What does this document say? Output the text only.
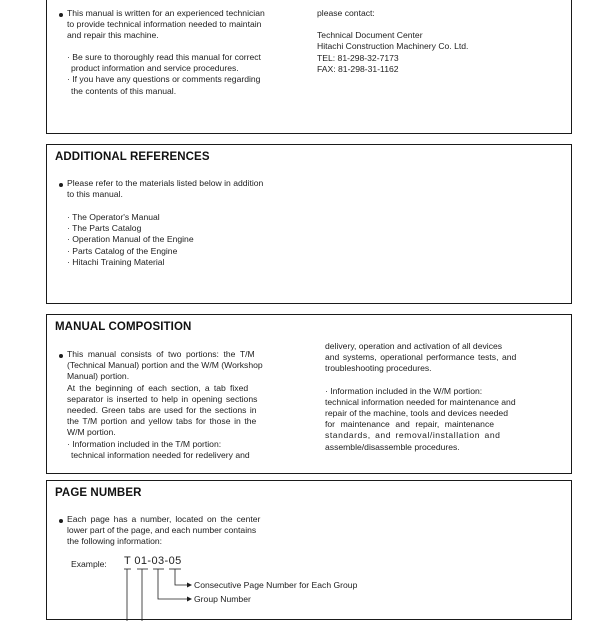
This manual is written for an experienced technician
to provide technical information needed to maintain
and repair this machine.
· Be sure to thoroughly read this manual for correct
product information and service procedures.
· If you have any questions or comments regarding
the contents of this manual.
please contact:
Technical Document Center
Hitachi Construction Machinery Co. Ltd.
TEL: 81-298-32-7173
FAX: 81-298-31-1162
ADDITIONAL REFERENCES
Please refer to the materials listed below in addition
to this manual.
· The Operator's Manual
· The Parts Catalog
· Operation Manual of the Engine
· Parts Catalog of the Engine
· Hitachi Training Material
MANUAL COMPOSITION
This manual consists of two portions: the T/M
(Technical Manual) portion and the W/M (Workshop
Manual) portion.
At the beginning of each section, a tab fixed
separator is inserted to help in opening sections
needed. Green tabs are used for the sections in
the T/M portion and yellow tabs for those in the
W/M portion.
· Information included in the T/M portion:
technical information needed for redelivery and
delivery, operation and activation of all devices
and systems, operational performance tests, and
troubleshooting procedures.
· Information included in the W/M portion:
technical information needed for maintenance and
repair of the machine, tools and devices needed
for maintenance and repair, maintenance
standards, and removal/installation and
assemble/disassemble procedures.
PAGE NUMBER
Each page has a number, located on the center
lower part of the page, and each number contains
the following information:
Example: T 01-03-05
Consecutive Page Number for Each Group
Group Number
